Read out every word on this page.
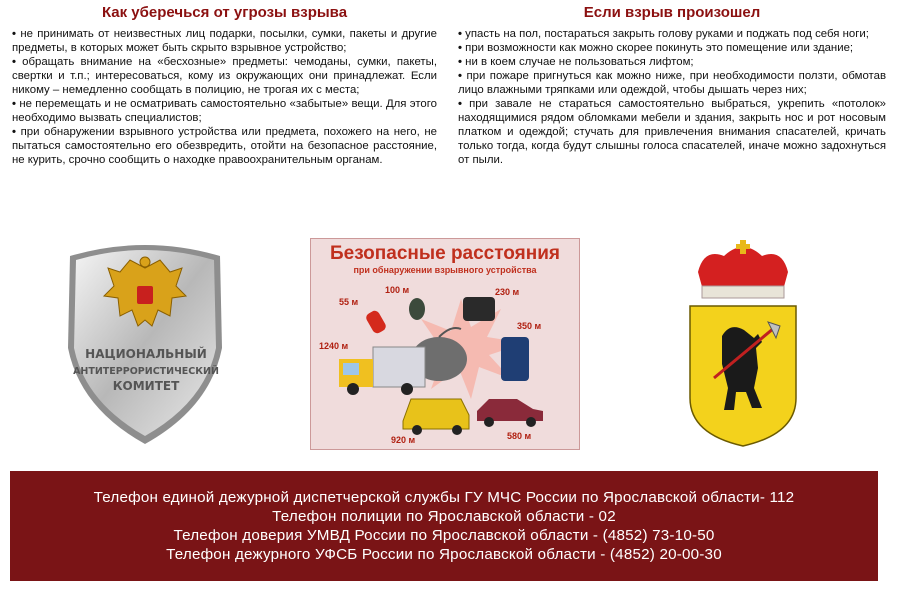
Как уберечься от угрозы взрыва
• не принимать от неизвестных лиц подарки, посылки, сумки, пакеты и другие предметы, в которых может быть скрыто взрывное устройство;
• обращать внимание на «бесхозные» предметы: чемоданы, сумки, пакеты, свертки и т.п.; интересоваться, кому из окружающих они принадлежат. Если никому – немедленно сообщать в полицию, не трогая их с места;
• не перемещать и не осматривать самостоятельно «забытые» вещи. Для этого необходимо вызвать специалистов;
• при обнаружении взрывного устройства или предмета, похожего на него, не пытаться самостоятельно его обезвредить, отойти на безопасное расстояние, не курить, срочно сообщить о находке правоохранительным органам.
Если взрыв произошел
• упасть на пол, постараться закрыть голову руками и поджать под себя ноги;
• при возможности как можно скорее покинуть это помещение или здание;
• ни в коем случае не пользоваться лифтом;
• при пожаре пригнуться как можно ниже, при необходимости ползти, обмотав лицо влажными тряпками или одеждой, чтобы дышать через них;
• при завале не стараться самостоятельно выбраться, укрепить «потолок» находящимися рядом обломками мебели и здания, закрыть нос и рот носовым платком и одеждой; стучать для привлечения внимания спасателей, кричать только тогда, когда будут слышны голоса спасателей, иначе можно задохнуться от пыли.
НАЦИОНАЛЬНЫЙ
АНТИТЕРРОРИСТИЧЕСКИЙ
КОМИТЕТ
Безопасные расстояния
при обнаружении взрывного устройства
55 м
100 м	230 м
350 м
1240 м
920 м	580 м
Телефон единой дежурной диспетчерской службы ГУ МЧС России по Ярославской области- 112
Телефон полиции по Ярославской области - 02
Телефон доверия УМВД России по Ярославской области - (4852) 73-10-50
Телефон дежурного УФСБ России по Ярославской области - (4852) 20-00-30
